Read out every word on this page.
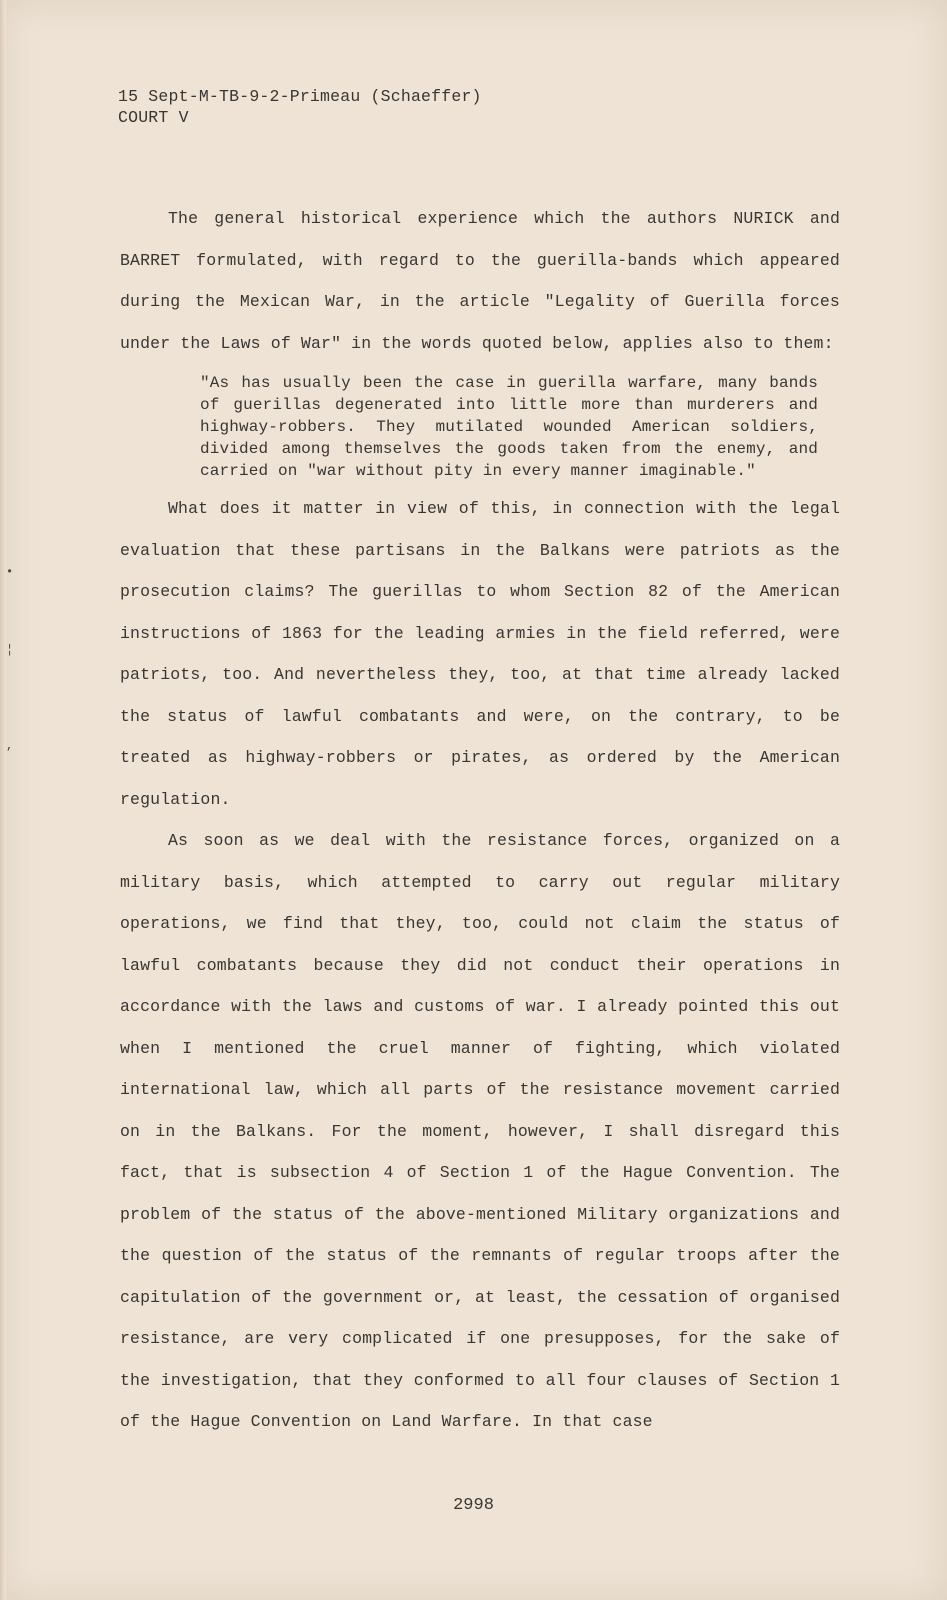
•
¦
,
15 Sept-M-TB-9-2-Primeau (Schaeffer)
COURT V

The general historical experience which the authors NURICK and BARRET formulated, with regard to the guerilla-bands which appeared during the Mexican War, in the article "Legality of Guerilla forces under the Laws of War" in the words quoted below, applies also to them:

"As has usually been the case in guerilla warfare, many bands of guerillas degenerated into little more than murderers and highway-robbers. They mutilated wounded American soldiers, divided among themselves the goods taken from the enemy, and carried on "war without pity in every manner imaginable."

What does it matter in view of this, in connection with the legal evaluation that these partisans in the Balkans were patriots as the prosecution claims? The guerillas to whom Section 82 of the American instructions of 1863 for the leading armies in the field referred, were patriots, too. And nevertheless they, too, at that time already lacked the status of lawful combatants and were, on the contrary, to be treated as highway-robbers or pirates, as ordered by the American regulation.

As soon as we deal with the resistance forces, organized on a military basis, which attempted to carry out regular military operations, we find that they, too, could not claim the status of lawful combatants because they did not conduct their operations in accordance with the laws and customs of war. I already pointed this out when I mentioned the cruel manner of fighting, which violated international law, which all parts of the resistance movement carried on in the Balkans. For the moment, however, I shall disregard this fact, that is subsection 4 of Section 1 of the Hague Convention. The problem of the status of the above-mentioned Military organizations and the question of the status of the remnants of regular troops after the capitulation of the government or, at least, the cessation of organised resistance, are very complicated if one presupposes, for the sake of the investigation, that they conformed to all four clauses of Section 1 of the Hague Convention on Land Warfare. In that case

2998
